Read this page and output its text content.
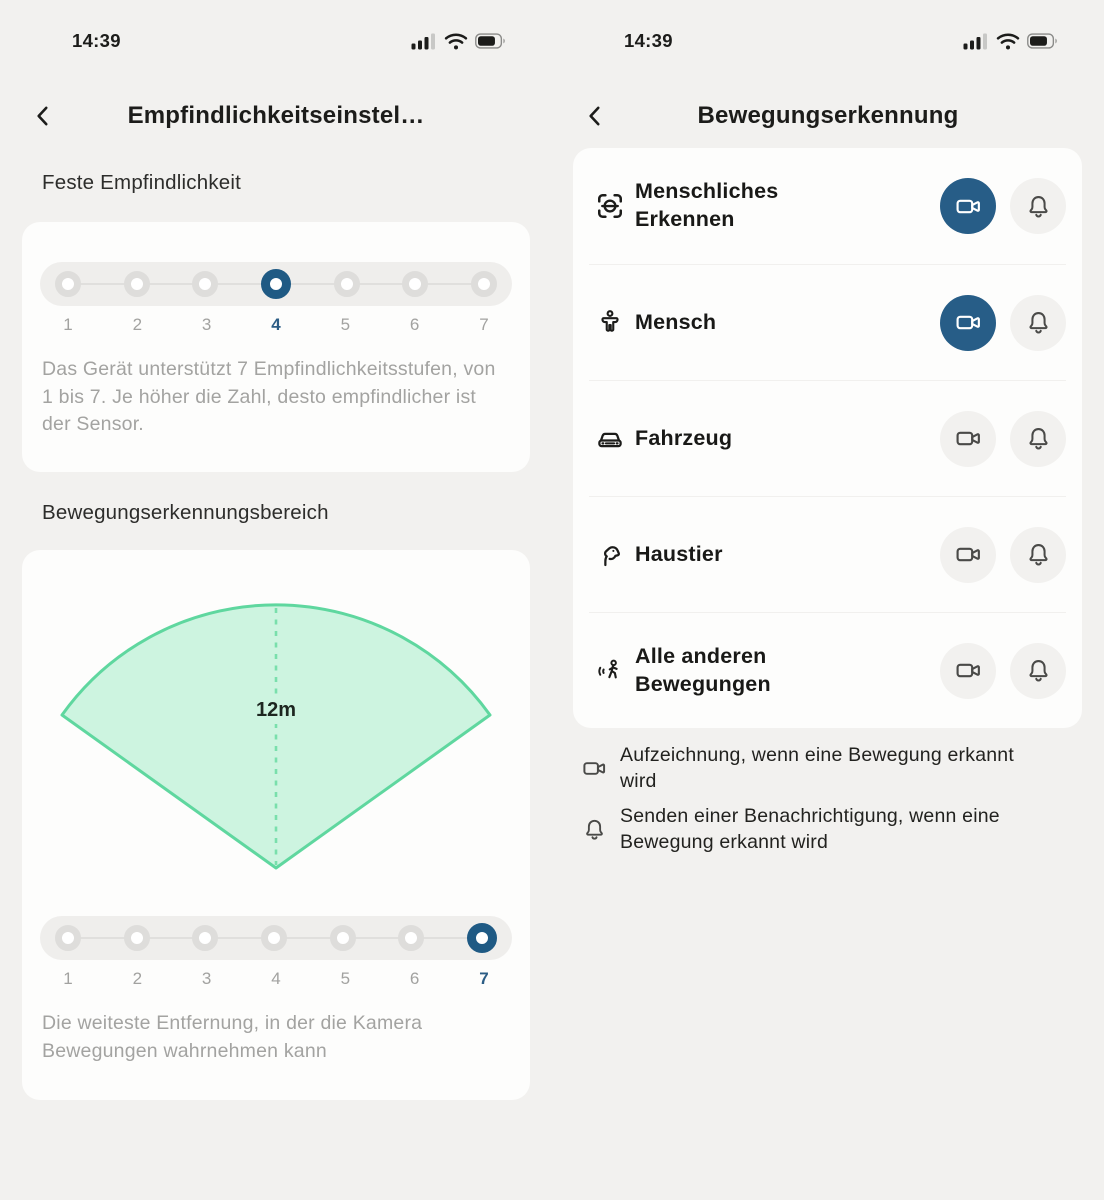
14:39
Empfindlichkeitseinstel…
Feste Empfindlichkeit
1	2	3	4	5	6	7

Das Gerät unterstützt 7 Empfindlichkeitsstufen, von 1 bis 7. Je höher die Zahl, desto empfindlicher ist der Sensor.

Bewegungserkennungsbereich
12m
1	2	3	4	5	6	7

Die weiteste Entfernung, in der die Kamera Bewegungen wahrnehmen kann

14:39
Bewegungserkennung
Menschliches Erkennen
Mensch
Fahrzeug
Haustier
Alle anderen Bewegungen
Aufzeichnung, wenn eine Bewegung erkannt wird
Senden einer Benachrichtigung, wenn eine Bewegung erkannt wird
